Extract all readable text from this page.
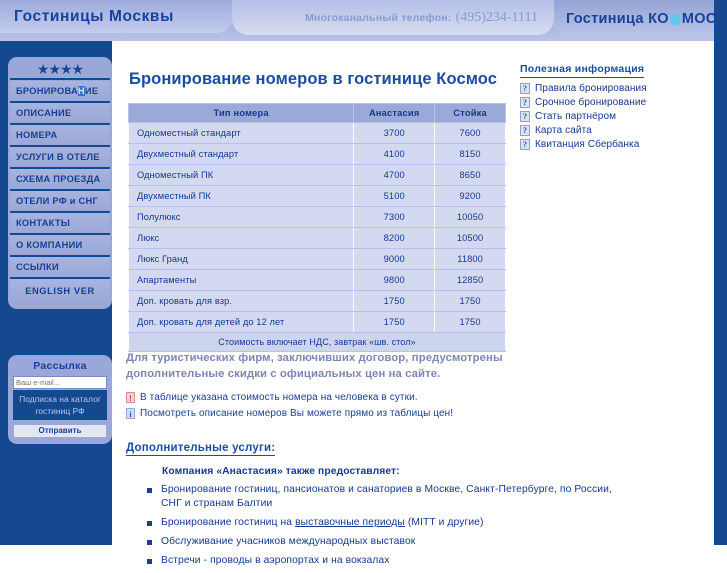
Бронирование номеров в гостинице Космос
Тип номера	Анастасия	Стойка
Одноместный стандарт	3700	7600
Двухместный стандарт	4100	8150
Одноместный ПК	4700	8650
Двухместный ПК	5100	9200
Полулюкс	7300	10050
Люкс	8200	10500
Люкс Гранд	9000	11800
Апартаменты	9800	12850
Доп. кровать для взр.	1750	1750
Доп. кровать для детей до 12 лет	1750	1750
Стоимость включает НДС, завтрак «шв. стол»		

Для туристических фирм, заключивших договор, предусмотрены дополнительные скидки с официальных цен на сайте.

! В таблице указана стоимость номера на человека в сутки.
i Посмотреть описание номеров Вы можете прямо из таблицы цен!
Дополнительные услуги:
Компания «Анастасия» также предоставляет:
Бронирование гостиниц, пансионатов и санаториев в Москве, Санкт-Петербурге, по России, СНГ и странам Балтии
Бронирование гостиниц на выставочные периоды (MITT и другие)
Обслуживание учасников международных выставок
Встречи - проводы в аэропортах и на вокзалах
Полезная информация
? Правила бронирования
? Срочное бронирование
? Стать партнёром
? Карта сайта
? Квитанция Сбербанка
★★★★
БРОНИРОВАНИЕ
ОПИСАНИЕ
НОМЕРА
УСЛУГИ В ОТЕЛЕ
СХЕМА ПРОЕЗДА
ОТЕЛИ РФ и СНГ
КОНТАКТЫ
О КОМПАНИИ
ССЫЛКИ
ENGLISH VER
Рассылка
Ваш e-mail...
Подписка на каталог гостиниц РФ
Отправить
Гостиницы Москвы	Многоканальный телефон: (495)234-1111 Гостиница КО МОС
